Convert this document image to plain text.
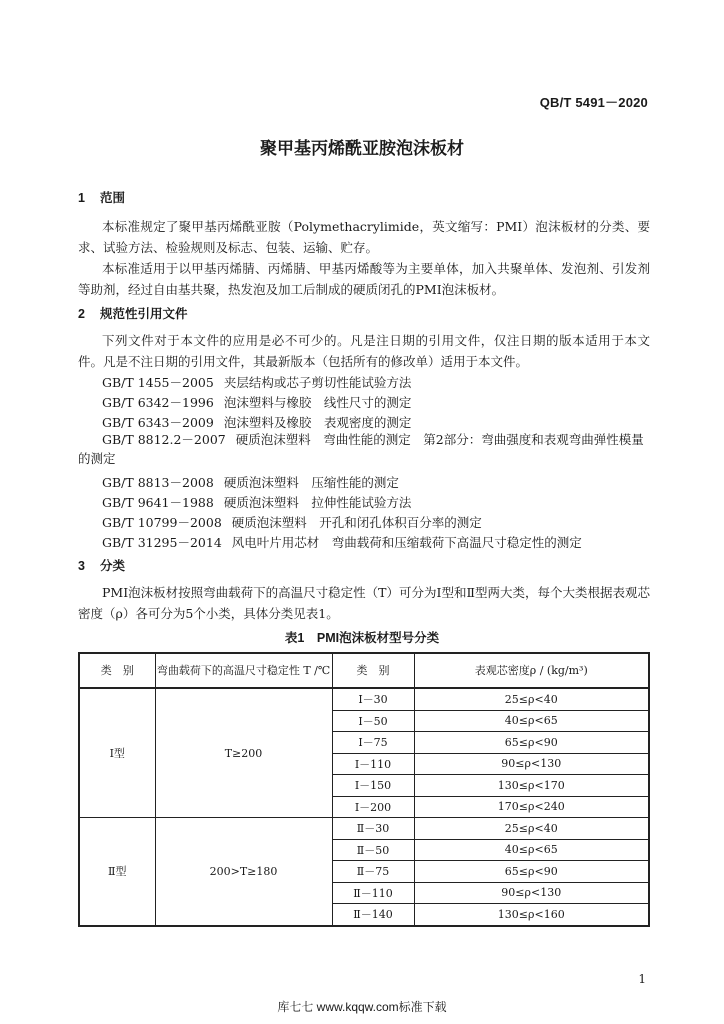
QB/T 5491－2020
聚甲基丙烯酰亚胺泡沫板材
1 范围

本标准规定了聚甲基丙烯酰亚胺（Polymethacrylimide，英文缩写：PMI）泡沫板材的分类、要求、试验方法、检验规则及标志、包装、运输、贮存。

本标准适用于以甲基丙烯腈、丙烯腈、甲基丙烯酸等为主要单体，加入共聚单体、发泡剂、引发剂等助剂，经过自由基共聚，热发泡及加工后制成的硬质闭孔的PMI泡沫板材。

2 规范性引用文件

下列文件对于本文件的应用是必不可少的。凡是注日期的引用文件，仅注日期的版本适用于本文件。凡是不注日期的引用文件，其最新版本（包括所有的修改单）适用于本文件。

GB/T 1455－2005 夹层结构或芯子剪切性能试验方法
GB/T 6342－1996 泡沫塑料与橡胶　线性尺寸的测定
GB/T 6343－2009 泡沫塑料及橡胶　表观密度的测定

GB/T 8812.2－2007 硬质泡沫塑料　弯曲性能的测定　第2部分：弯曲强度和表观弯曲弹性模量的测定

GB/T 8813－2008 硬质泡沫塑料　压缩性能的测定
GB/T 9641－1988 硬质泡沫塑料　拉伸性能试验方法
GB/T 10799－2008 硬质泡沫塑料　开孔和闭孔体积百分率的测定
GB/T 31295－2014 风电叶片用芯材　弯曲载荷和压缩载荷下高温尺寸稳定性的测定
3 分类

PMI泡沫板材按照弯曲载荷下的高温尺寸稳定性（T）可分为Ⅰ型和Ⅱ型两大类，每个大类根据表观芯密度（ρ）各可分为5个小类，具体分类见表1。

表1　PMI泡沫板材型号分类
类　别	弯曲载荷下的高温尺寸稳定性 T /℃	类　别	表观芯密度ρ / (kg/m³)
Ⅰ型	T≥200	Ⅰ－30	25≤ρ<40
		Ⅰ－50	40≤ρ<65
		Ⅰ－75	65≤ρ<90
		Ⅰ－110	90≤ρ<130
		Ⅰ－150	130≤ρ<170
		Ⅰ－200	170≤ρ<240
Ⅱ型	200>T≥180	Ⅱ－30	25≤ρ<40
		Ⅱ－50	40≤ρ<65
		Ⅱ－75	65≤ρ<90
		Ⅱ－110	90≤ρ<130
		Ⅱ－140	130≤ρ<160
1
库七七 www.kqqw.com标准下载
